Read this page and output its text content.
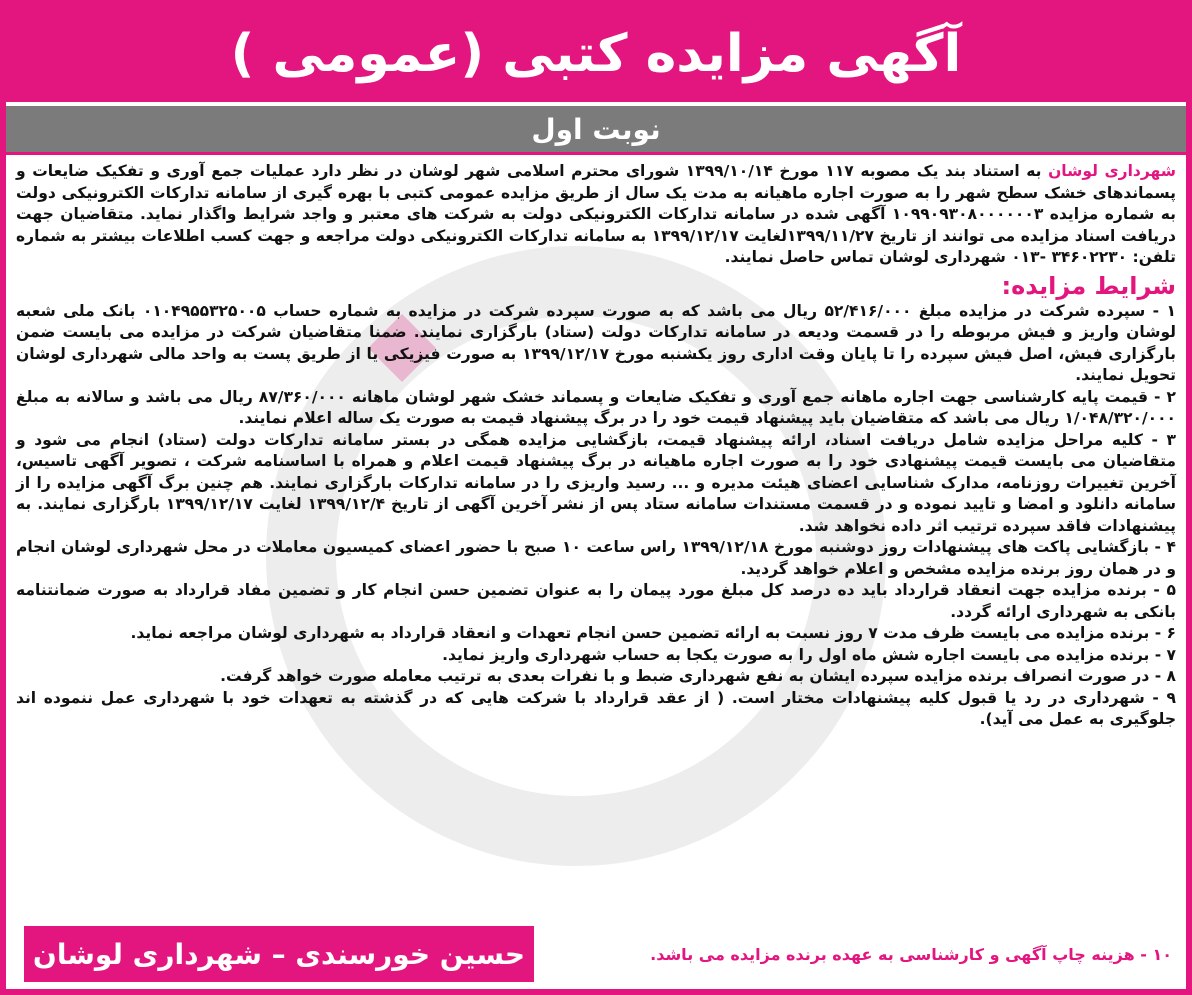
آگهی مزایده کتبی (عمومی )
نوبت اول

شهرداری لوشان به استناد بند یک مصوبه ۱۱۷ مورخ ۱۳۹۹/۱۰/۱۴ شورای محترم اسلامی شهر لوشان در نظر دارد عملیات جمع آوری و تفکیک ضایعات و پسماندهای خشک سطح شهر را به صورت اجاره ماهیانه به مدت یک سال از طریق مزایده عمومی کتبی با بهره گیری از سامانه تدارکات الکترونیکی دولت به شماره مزایده ۱۰۹۹۰۹۳۰۸۰۰۰۰۰۰۳ آگهی شده در سامانه تدارکات الکترونیکی دولت به شرکت های معتبر و واجد شرایط واگذار نماید. متقاضیان جهت دریافت اسناد مزایده می توانند از تاریخ ۱۳۹۹/۱۱/۲۷لغایت ۱۳۹۹/۱۲/۱۷ به سامانه تدارکات الکترونیکی دولت مراجعه و جهت کسب اطلاعات بیشتر به شماره تلفن: ۳۴۶۰۲۲۳۰ -۰۱۳ شهرداری لوشان تماس حاصل نمایند.

شرایط مزایده:

۱ - سپرده شرکت در مزایده مبلغ ۵۲/۴۱۶/۰۰۰ ریال می باشد که به صورت سپرده شرکت در مزایده به شماره حساب ۰۱۰۴۹۵۵۳۲۵۰۰۵ بانک ملی شعبه لوشان واریز و فیش مربوطه را در قسمت ودیعه در سامانه تدارکات دولت (ستاد) بارگزاری نمایند. ضمنا متقاضیان شرکت در مزایده می بایست ضمن بارگزاری فیش، اصل فیش سپرده را تا پایان وقت اداری روز یکشنبه مورخ ۱۳۹۹/۱۲/۱۷ به صورت فیزیکی یا از طریق پست به واحد مالی شهرداری لوشان تحویل نمایند.

۲ - قیمت پایه کارشناسی جهت اجاره ماهانه جمع آوری و تفکیک ضایعات و پسماند خشک شهر لوشان ماهانه ۸۷/۳۶۰/۰۰۰ ریال می باشد و سالانه به مبلغ ۱/۰۴۸/۳۲۰/۰۰۰ ریال می باشد که متقاضیان باید پیشنهاد قیمت خود را در برگ پیشنهاد قیمت به صورت یک ساله اعلام نمایند.

۳ - کلیه مراحل مزایده شامل دریافت اسناد، ارائه پیشنهاد قیمت، بازگشایی مزایده همگی در بستر سامانه تدارکات دولت (ستاد) انجام می شود و متقاضیان می بایست قیمت پیشنهادی خود را به صورت اجاره ماهیانه در برگ پیشنهاد قیمت اعلام و همراه با اساسنامه شرکت ، تصویر آگهی تاسیس، آخرین تغییرات روزنامه، مدارک شناسایی اعضای هیئت مدیره و ... رسید واریزی را در سامانه تدارکات بارگزاری نمایند. هم چنین برگ آگهی مزایده را از سامانه دانلود و امضا و تایید نموده و در قسمت مستندات سامانه ستاد پس از نشر آخرین آگهی از تاریخ ۱۳۹۹/۱۲/۴ لغایت ۱۳۹۹/۱۲/۱۷ بارگزاری نمایند. به پیشنهادات فاقد سپرده ترتیب اثر داده نخواهد شد.

۴ - بازگشایی پاکت های پیشنهادات روز دوشنبه مورخ ۱۳۹۹/۱۲/۱۸ راس ساعت ۱۰ صبح با حضور اعضای کمیسیون معاملات در محل شهرداری لوشان انجام و در همان روز برنده مزایده مشخص و اعلام خواهد گردید.

۵ - برنده مزایده جهت انعقاد قرارداد باید ده درصد کل مبلغ مورد پیمان را به عنوان تضمین حسن انجام کار و تضمین مفاد قرارداد به صورت ضمانتنامه بانکی به شهرداری ارائه گردد.

۶ - برنده مزایده می بایست ظرف مدت ۷ روز نسبت به ارائه تضمین حسن انجام تعهدات و انعقاد قرارداد به شهرداری لوشان مراجعه نماید.

۷ - برنده مزایده می بایست اجاره شش ماه اول را به صورت یکجا به حساب شهرداری واریز نماید.

۸ - در صورت انصراف برنده مزایده سپرده ایشان به نفع شهرداری ضبط و با نفرات بعدی به ترتیب معامله صورت خواهد گرفت.

۹ - شهرداری در رد یا قبول کلیه پیشنهادات مختار است. ( از عقد قرارداد با شرکت هایی که در گذشته به تعهدات خود با شهرداری عمل ننموده اند جلوگیری به عمل می آید).

۱۰ - هزینه چاپ آگهی و کارشناسی به عهده برنده مزایده می باشد.
حسین خورسندی – شهرداری لوشان
